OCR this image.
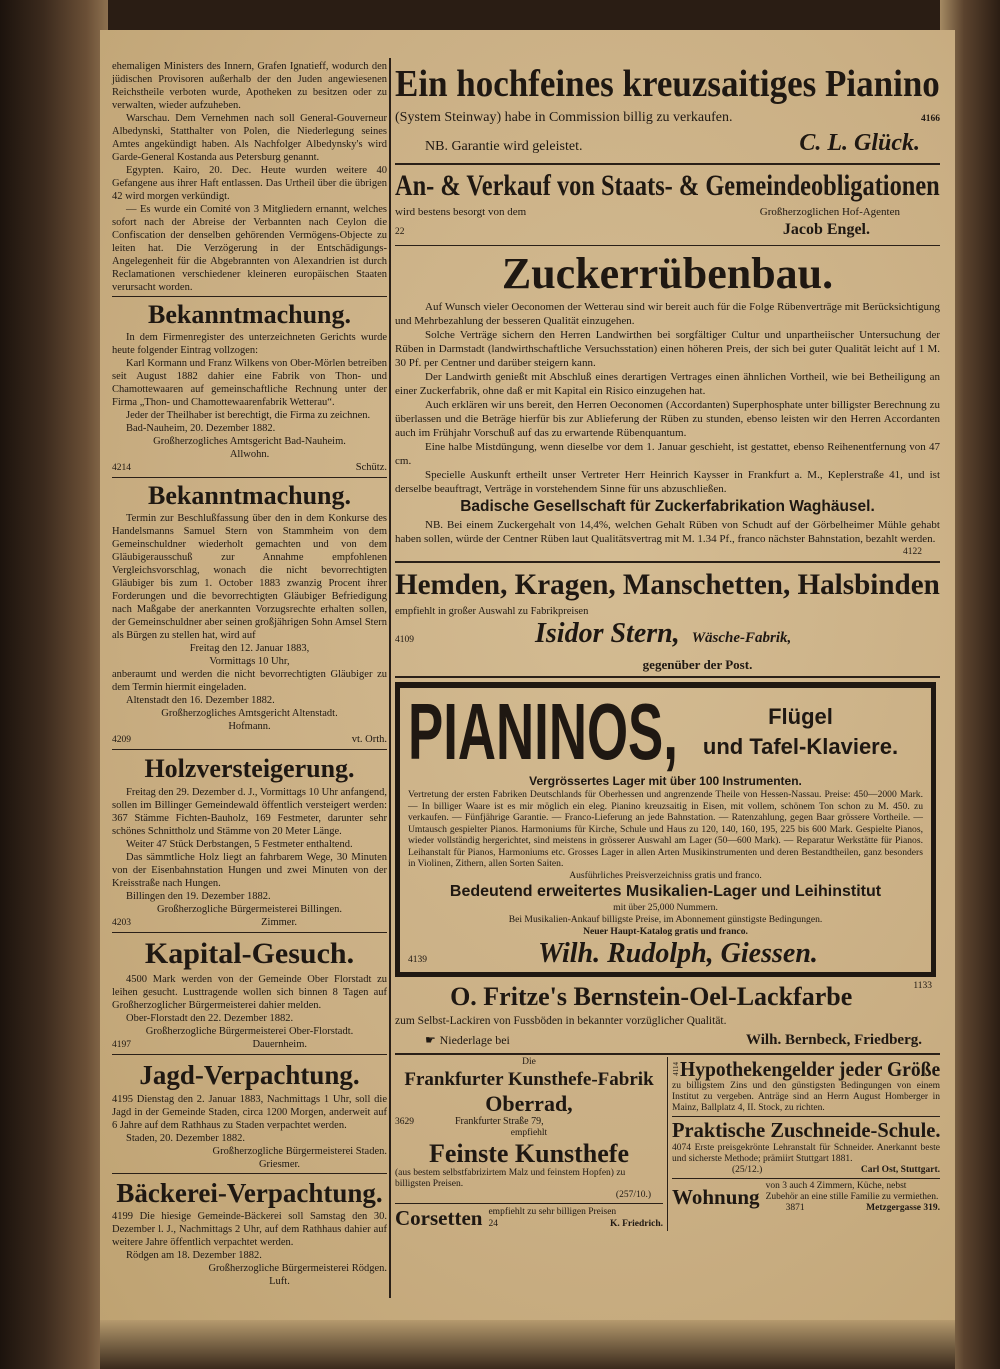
ehemaligen Ministers des Innern, Grafen Ignatieff, wodurch den jüdischen Provisoren außerhalb der den Juden angewiesenen Reichstheile verboten wurde, Apotheken zu besitzen oder zu verwalten, wieder aufzuheben.

Warschau. Dem Vernehmen nach soll General-Gouverneur Albedynski, Statthalter von Polen, die Niederlegung seines Amtes angekündigt haben. Als Nachfolger Albedynsky's wird Garde-General Kostanda aus Petersburg genannt.

Egypten. Kairo, 20. Dec. Heute wurden weitere 40 Gefangene aus ihrer Haft entlassen. Das Urtheil über die übrigen 42 wird morgen verkündigt.

— Es wurde ein Comité von 3 Mitgliedern ernannt, welches sofort nach der Abreise der Verbannten nach Ceylon die Confiscation der denselben gehörenden Vermögens-Objecte zu leiten hat. Die Verzögerung in der Entschädigungs-Angelegenheit für die Abgebrannten von Alexandrien ist durch Reclamationen verschiedener kleineren europäischen Staaten verursacht worden.

Bekanntmachung.

In dem Firmenregister des unterzeichneten Gerichts wurde heute folgender Eintrag vollzogen:

Karl Kormann und Franz Wilkens von Ober-Mörlen betreiben seit August 1882 dahier eine Fabrik von Thon- und Chamottewaaren auf gemeinschaftliche Rechnung unter der Firma „Thon- und Chamottewaarenfabrik Wetterau“.

Jeder der Theilhaber ist berechtigt, die Firma zu zeichnen.

Bad-Nauheim, 20. Dezember 1882.

Großherzogliches Amtsgericht Bad-Nauheim.

Allwohn.

4214	Schütz.
Bekanntmachung.

Termin zur Beschlußfassung über den in dem Konkurse des Handelsmanns Samuel Stern von Stammheim von dem Gemeinschuldner wiederholt gemachten und von dem Gläubigerausschuß zur Annahme empfohlenen Vergleichsvorschlag, wonach die nicht bevorrechtigten Gläubiger bis zum 1. October 1883 zwanzig Procent ihrer Forderungen und die bevorrechtigten Gläubiger Befriedigung nach Maßgabe der anerkannten Vorzugsrechte erhalten sollen, der Gemeinschuldner aber seinen großjährigen Sohn Amsel Stern als Bürgen zu stellen hat, wird auf

Freitag den 12. Januar 1883,

Vormittags 10 Uhr,

anberaumt und werden die nicht bevorrechtigten Gläubiger zu dem Termin hiermit eingeladen.

Altenstadt den 16. Dezember 1882.

Großherzogliches Amtsgericht Altenstadt.

Hofmann.

4209	vt. Orth.
Holzversteigerung.

Freitag den 29. Dezember d. J., Vormittags 10 Uhr anfangend, sollen im Billinger Gemeindewald öffentlich versteigert werden: 367 Stämme Fichten-Bauholz, 169 Festmeter, darunter sehr schönes Schnittholz und Stämme von 20 Meter Länge.

Weiter 47 Stück Derbstangen, 5 Festmeter enthaltend.

Das sämmtliche Holz liegt an fahrbarem Wege, 30 Minuten von der Eisenbahnstation Hungen und zwei Minuten von der Kreisstraße nach Hungen.

Billingen den 19. Dezember 1882.

Großherzogliche Bürgermeisterei Billingen.

4203	Zimmer.
Kapital-Gesuch.

4500 Mark werden von der Gemeinde Ober Florstadt zu leihen gesucht. Lusttragende wollen sich binnen 8 Tagen auf Großherzoglicher Bürgermeisterei dahier melden.

Ober-Florstadt den 22. Dezember 1882.

Großherzogliche Bürgermeisterei Ober-Florstadt.

4197	Dauernheim.
Jagd-Verpachtung.

4195 Dienstag den 2. Januar 1883, Nachmittags 1 Uhr, soll die Jagd in der Gemeinde Staden, circa 1200 Morgen, anderweit auf 6 Jahre auf dem Rathhaus zu Staden verpachtet werden.

Staden, 20. Dezember 1882.

Großherzogliche Bürgermeisterei Staden.

Griesmer.

Bäckerei-Verpachtung.

4199 Die hiesige Gemeinde-Bäckerei soll Samstag den 30. Dezember l. J., Nachmittags 2 Uhr, auf dem Rathhaus dahier auf weitere Jahre öffentlich verpachtet werden.

Rödgen am 18. Dezember 1882.

Großherzogliche Bürgermeisterei Rödgen.

Luft.

Ein hochfeines kreuzsaitiges Pianino
(System Steinway) habe in Commission billig zu verkaufen.	4166
NB. Garantie wird geleistet.	C. L. Glück.
An- & Verkauf von Staats- & Gemeindeobligationen
wird bestens besorgt von dem	Großherzoglichen Hof-Agenten
22	Jacob Engel.
Zuckerrübenbau.

Auf Wunsch vieler Oeconomen der Wetterau sind wir bereit auch für die Folge Rübenverträge mit Berücksichtigung und Mehrbezahlung der besseren Qualität einzugehen.

Solche Verträge sichern den Herren Landwirthen bei sorgfältiger Cultur und unpartheiischer Untersuchung der Rüben in Darmstadt (landwirthschaftliche Versuchsstation) einen höheren Preis, der sich bei guter Qualität leicht auf 1 M. 30 Pf. per Centner und darüber steigern kann.

Der Landwirth genießt mit Abschluß eines derartigen Vertrages einen ähnlichen Vortheil, wie bei Betheiligung an einer Zuckerfabrik, ohne daß er mit Kapital ein Risico einzugehen hat.

Auch erklären wir uns bereit, den Herren Oeconomen (Accordanten) Superphosphate unter billigster Berechnung zu überlassen und die Beträge hierfür bis zur Ablieferung der Rüben zu stunden, ebenso leisten wir den Herren Accordanten auch im Frühjahr Vorschuß auf das zu erwartende Rübenquantum.

Eine halbe Mistdüngung, wenn dieselbe vor dem 1. Januar geschieht, ist gestattet, ebenso Reihenentfernung von 47 cm.

Specielle Auskunft ertheilt unser Vertreter Herr Heinrich Kaysser in Frankfurt a. M., Keplerstraße 41, und ist derselbe beauftragt, Verträge in vorstehendem Sinne für uns abzuschließen.

Badische Gesellschaft für Zuckerfabrikation Waghäusel.

NB. Bei einem Zuckergehalt von 14,4%, welchen Gehalt Rüben von Schudt auf der Görbelheimer Mühle gehabt haben sollen, würde der Centner Rüben laut Qualitätsvertrag mit M. 1.34 Pf., franco nächster Bahnstation, bezahlt werden.

4122
Hemden, Kragen, Manschetten, Halsbinden
empfiehlt in großer Auswahl zu Fabrikpreisen
4109	Isidor Stern, Wäsche-Fabrik,
gegenüber der Post.
PIANINOS,	Flügel
und Tafel-Klaviere.
Vergrössertes Lager mit über 100 Instrumenten.

Vertretung der ersten Fabriken Deutschlands für Oberhessen und angrenzende Theile von Hessen-Nassau. Preise: 450—2000 Mark. — In billiger Waare ist es mir möglich ein eleg. Pianino kreuzsaitig in Eisen, mit vollem, schönem Ton schon zu M. 450. zu verkaufen. — Fünfjährige Garantie. — Franco-Lieferung an jede Bahnstation. — Ratenzahlung, gegen Baar grössere Vortheile. — Umtausch gespielter Pianos. Harmoniums für Kirche, Schule und Haus zu 120, 140, 160, 195, 225 bis 600 Mark. Gespielte Pianos, wieder vollständig hergerichtet, sind meistens in grösserer Auswahl am Lager (50—600 Mark). — Reparatur Werkstätte für Pianos. Leihanstalt für Pianos, Harmoniums etc. Grosses Lager in allen Arten Musikinstrumenten und deren Bestandtheilen, ganz besonders in Violinen, Zithern, allen Sorten Saiten.

Ausführliches Preisverzeichniss gratis und franco.
Bedeutend erweitertes Musikalien-Lager und Leihinstitut
mit über 25,000 Nummern.
Bei Musikalien-Ankauf billigste Preise, im Abonnement günstigste Bedingungen.
Neuer Haupt-Katalog gratis und franco.
4139	Wilh. Rudolph, Giessen.
O. Fritze's Bernstein-Oel-Lackfarbe	1133
zum Selbst-Lackiren von Fussböden in bekannter vorzüglicher Qualität.
☛ Niederlage bei	Wilh. Bernbeck, Friedberg.
Die
Frankfurter Kunsthefe-Fabrik
Oberrad,
3629	Frankfurter Straße 79,
empfiehlt
Feinste Kunsthefe
(aus bestem selbstfabrizirtem Malz und feinstem Hopfen) zu billigsten Preisen.
(257/10.)
Corsetten empfiehlt zu sehr billigen Preisen
24	K. Friedrich.
4114 Hypothekengelder jeder Größe

zu billigstem Zins und den günstigsten Bedingungen von einem Institut zu vergeben. Anträge sind an Herrn August Homberger in Mainz, Ballplatz 4, II. Stock, zu richten.

Praktische Zuschneide-Schule.

4074 Erste preisgekrönte Lehranstalt für Schneider. Anerkannt beste und sicherste Methode; prämiirt Stuttgart 1881.

(25/12.)	Carl Ost, Stuttgart.
Wohnung von 3 auch 4 Zimmern, Küche, nebst Zubehör an eine stille Familie zu vermiethen.
3871	Metzgergasse 319.
